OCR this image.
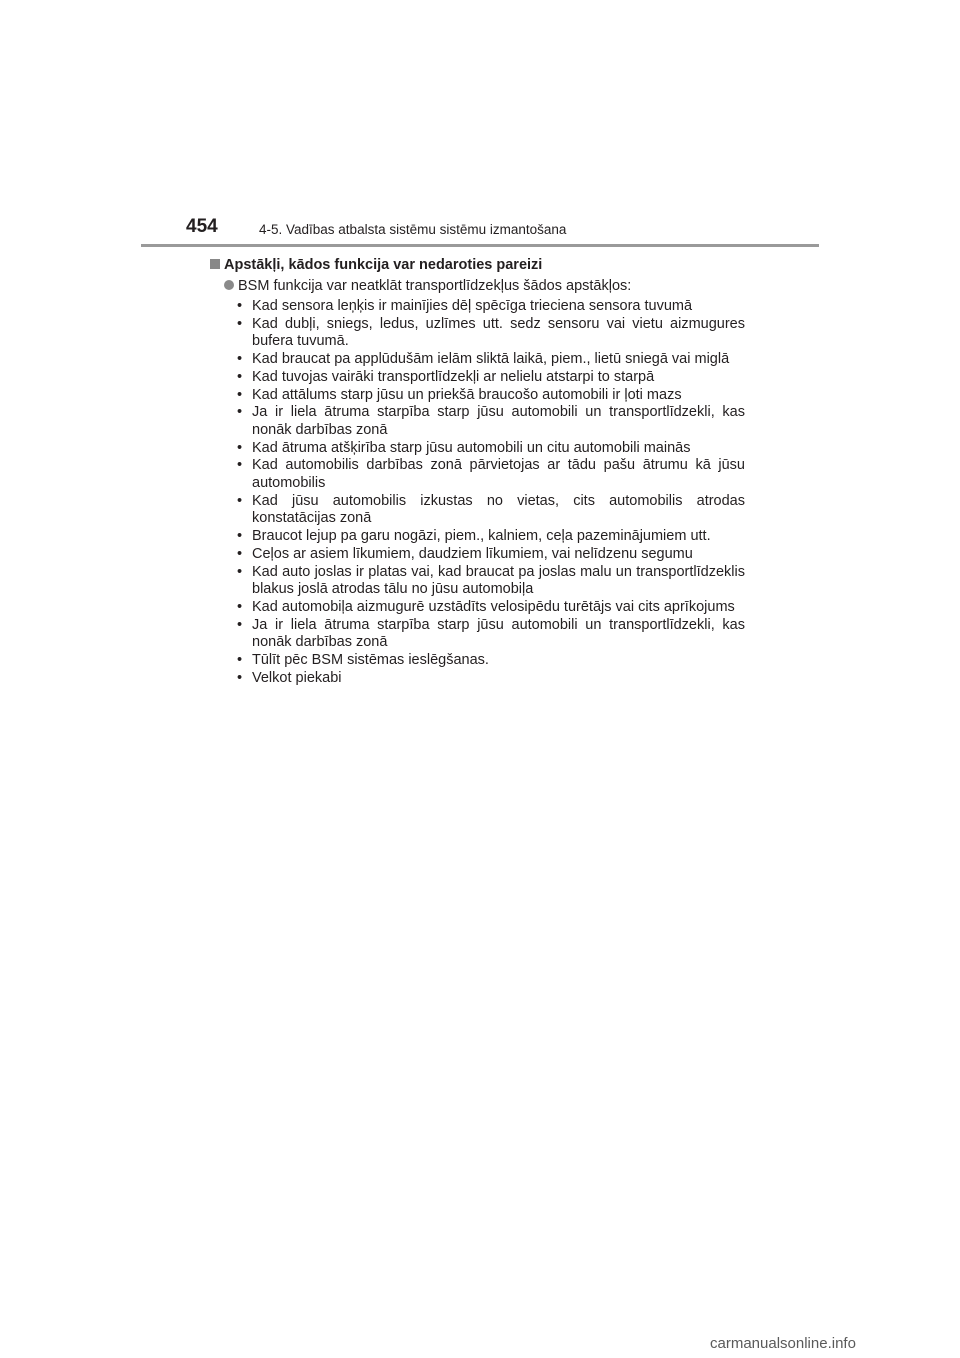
454	4-5. Vadības atbalsta sistēmu sistēmu izmantošana
Apstākļi, kādos funkcija var nedaroties pareizi
BSM funkcija var neatklāt transportlīdzekļus šādos apstākļos:
• Kad sensora leņķis ir mainījies dēļ spēcīga trieciena sensora tuvumā
• Kad dubļi, sniegs, ledus, uzlīmes utt. sedz sensoru vai vietu aizmugures bufera tuvumā.
• Kad braucat pa applūdušām ielām sliktā laikā, piem., lietū sniegā vai miglā
• Kad tuvojas vairāki transportlīdzekļi ar nelielu atstarpi to starpā
• Kad attālums starp jūsu un priekšā braucošo automobili ir ļoti mazs
• Ja ir liela ātruma starpība starp jūsu automobili un transportlīdzekli, kas nonāk darbības zonā
• Kad ātruma atšķirība starp jūsu automobili un citu automobili mainās
• Kad automobilis darbības zonā pārvietojas ar tādu pašu ātrumu kā jūsu automobilis
• Kad jūsu automobilis izkustas no vietas, cits automobilis atrodas konstatācijas zonā
• Braucot lejup pa garu nogāzi, piem., kalniem, ceļa pazeminājumiem utt.
• Ceļos ar asiem līkumiem, daudziem līkumiem, vai nelīdzenu segumu
• Kad auto joslas ir platas vai, kad braucat pa joslas malu un transportlīdzeklis blakus joslā atrodas tālu no jūsu automobiļa
• Kad automobiļa aizmugurē uzstādīts velosipēdu turētājs vai cits aprīkojums
• Ja ir liela ātruma starpība starp jūsu automobili un transportlīdzekli, kas nonāk darbības zonā
• Tūlīt pēc BSM sistēmas ieslēgšanas.
• Velkot piekabi
carmanualsonline.info
